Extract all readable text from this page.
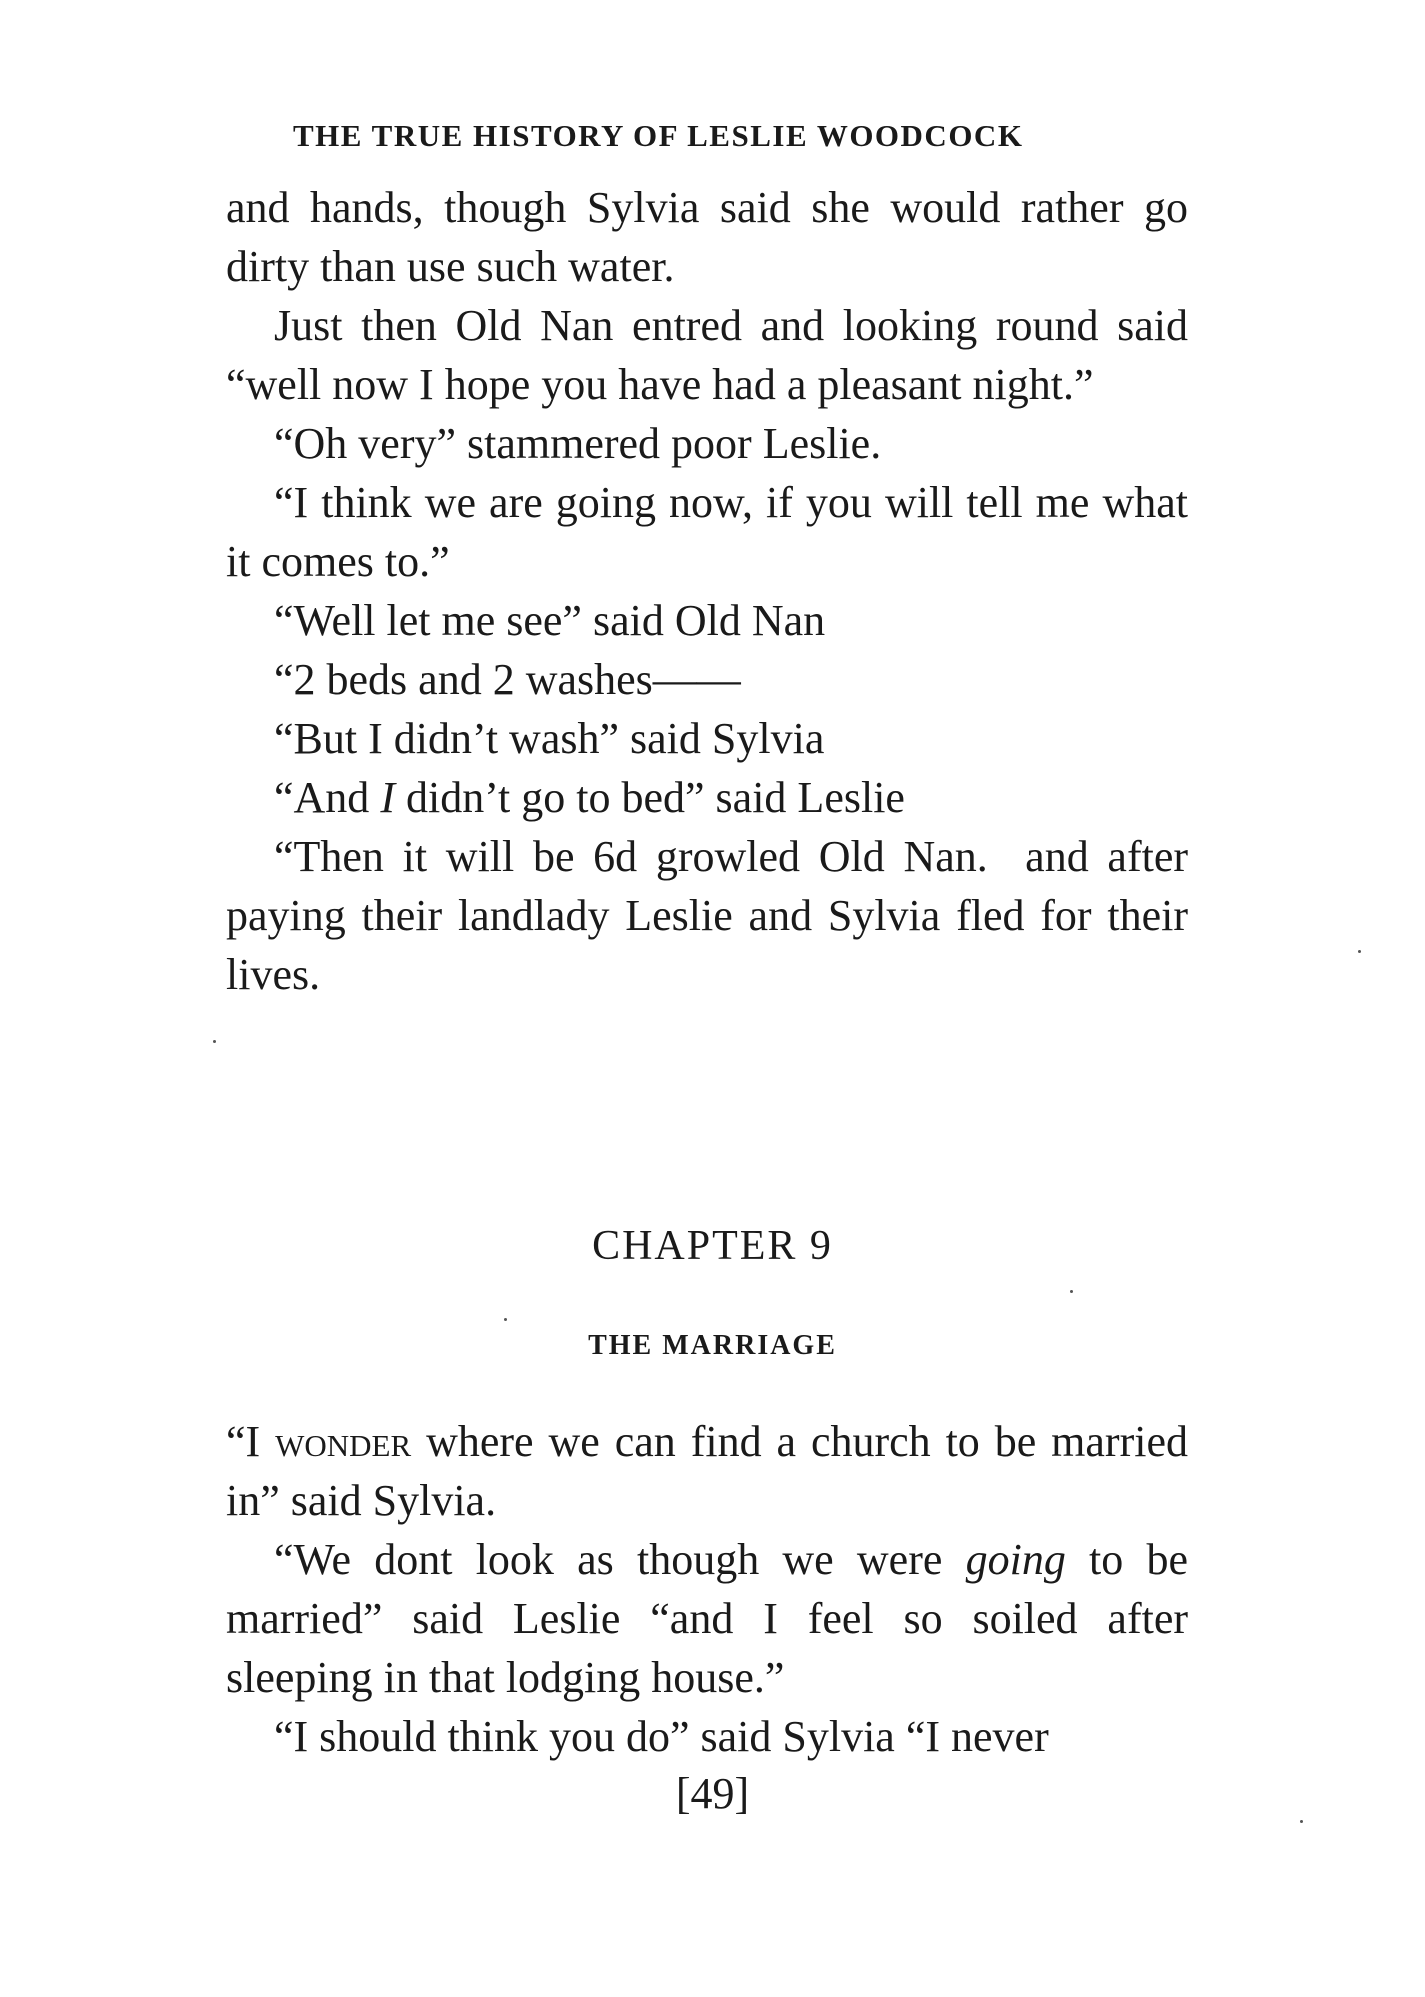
THE TRUE HISTORY OF LESLIE WOODCOCK

and hands, though Sylvia said she would rather go dirty than use such water.

Just then Old Nan entred and looking round said “well now I hope you have had a pleasant night.”

“Oh very” stammered poor Leslie.

“I think we are going now, if you will tell me what it comes to.”

“Well let me see” said Old Nan

“2 beds and 2 washes——

“But I didn’t wash” said Sylvia

“And I didn’t go to bed” said Leslie

“Then it will be 6d growled Old Nan.  and after paying their landlady Leslie and Sylvia fled for their lives.

CHAPTER 9
THE MARRIAGE

“I wonder where we can find a church to be married in” said Sylvia.

“We dont look as though we were going to be married” said Leslie “and I feel so soiled after sleeping in that lodging house.”

“I should think you do” said Sylvia “I never

[49]
